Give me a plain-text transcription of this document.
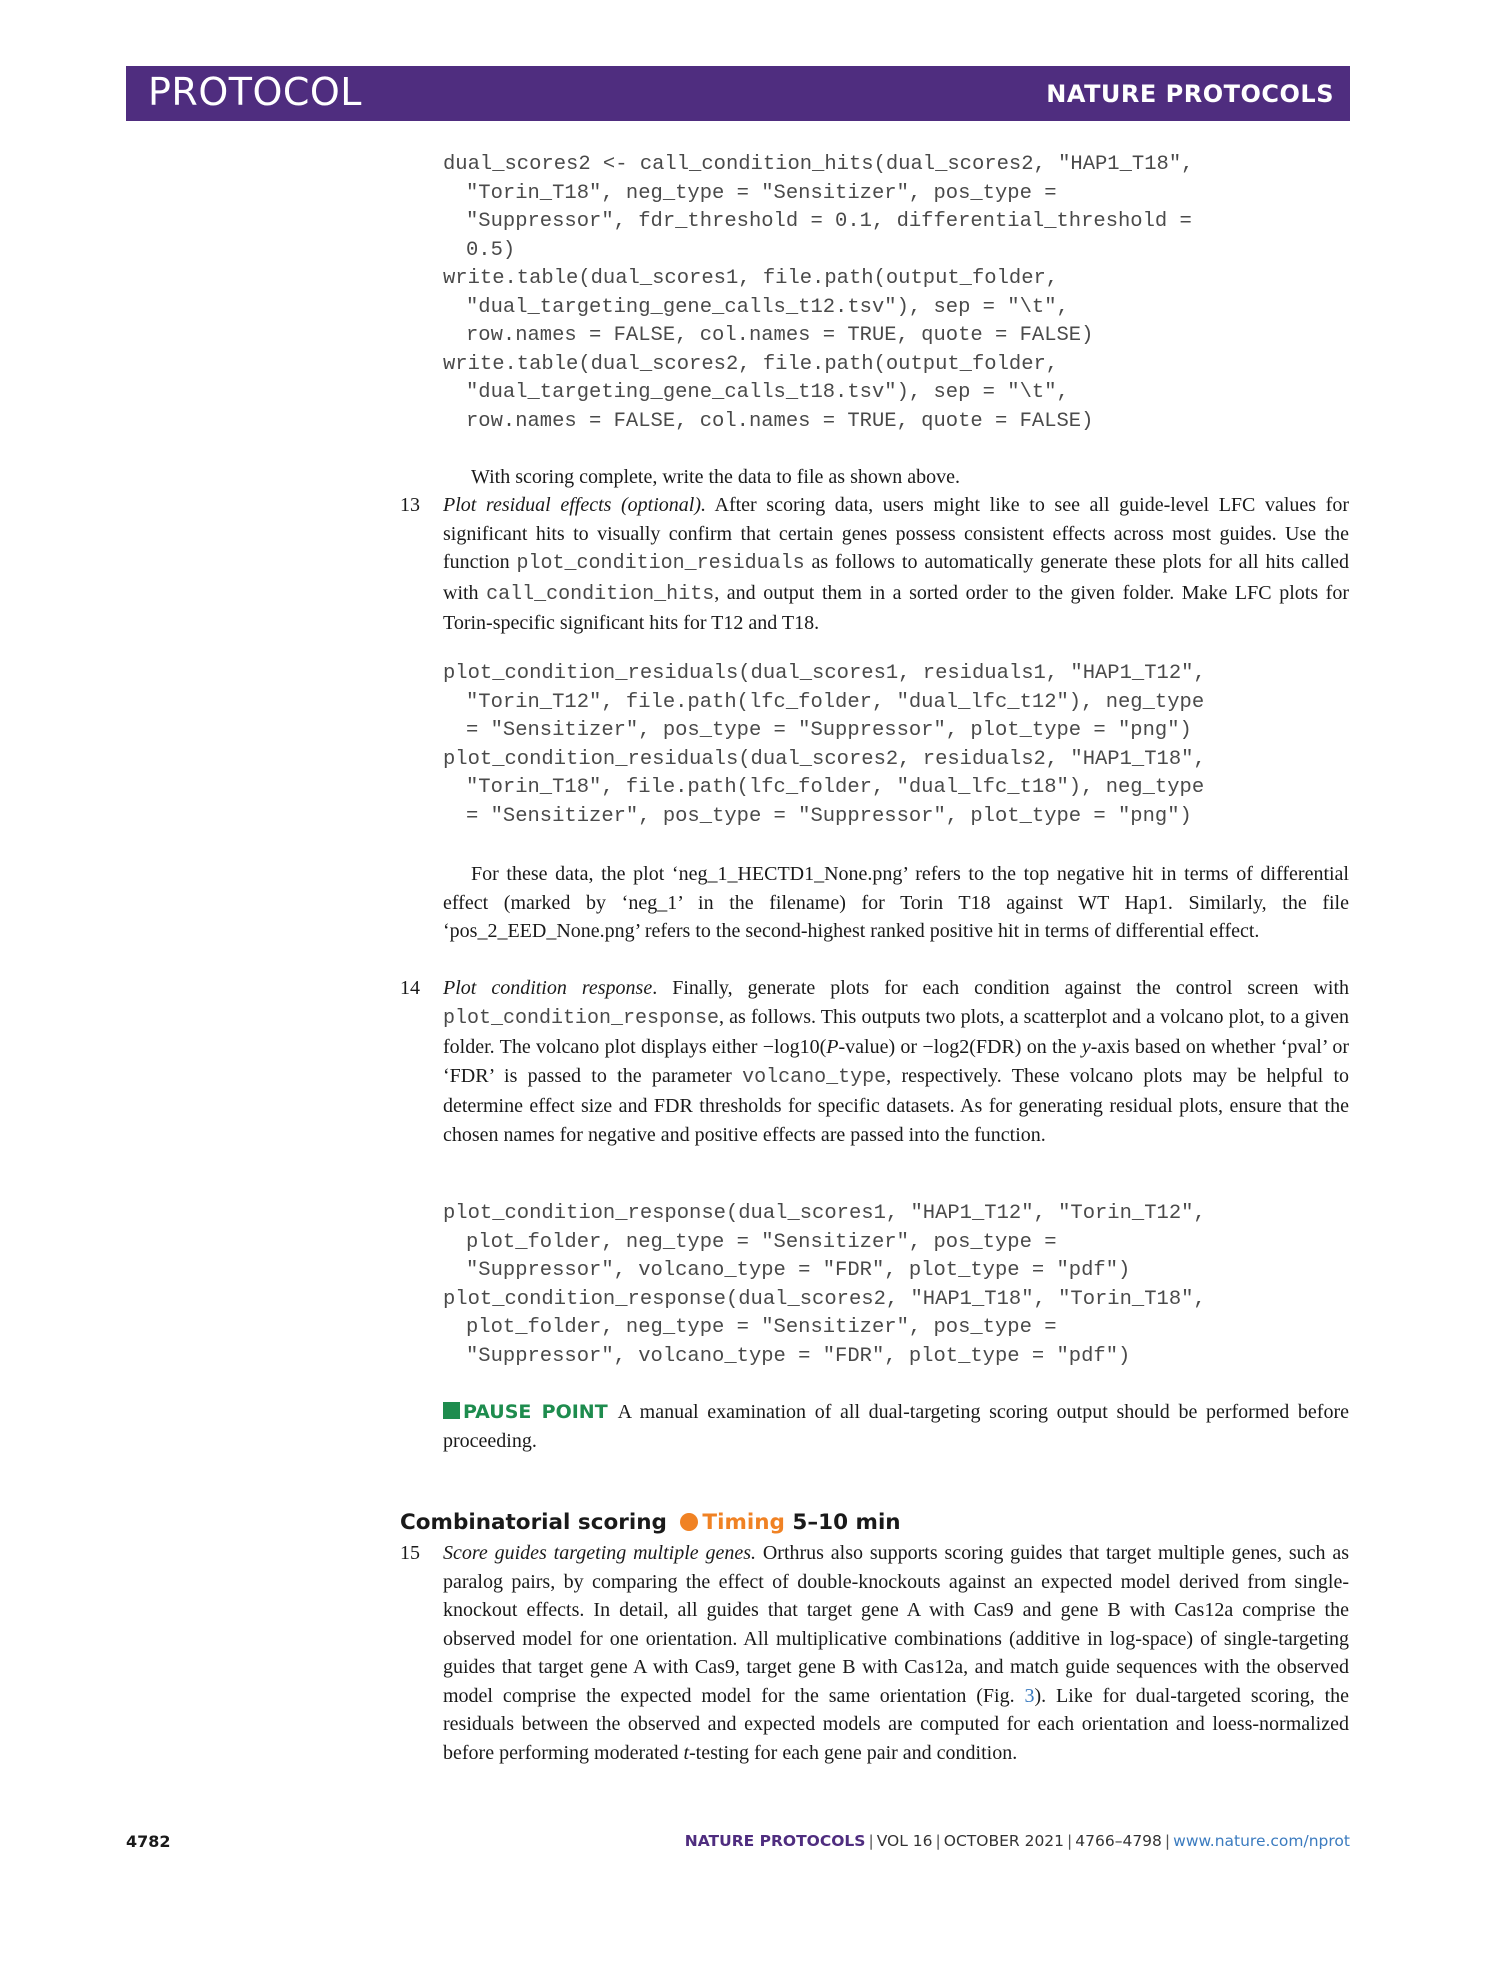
PROTOCOL	NATURE PROTOCOLS
dual_scores2 <- call_condition_hits(dual_scores2, "HAP1_T18",
"Torin_T18", neg_type = "Sensitizer", pos_type =
"Suppressor", fdr_threshold = 0.1, differential_threshold =
0.5)
write.table(dual_scores1, file.path(output_folder,
"dual_targeting_gene_calls_t12.tsv"), sep = "\t",
row.names = FALSE, col.names = TRUE, quote = FALSE)
write.table(dual_scores2, file.path(output_folder,
"dual_targeting_gene_calls_t18.tsv"), sep = "\t",
row.names = FALSE, col.names = TRUE, quote = FALSE)
With scoring complete, write the data to file as shown above.
13 Plot residual effects (optional). After scoring data, users might like to see all guide-level LFC values for significant hits to visually confirm that certain genes possess consistent effects across most guides. Use the function plot_condition_residuals as follows to automatically generate these plots for all hits called with call_condition_hits, and output them in a sorted order to the given folder. Make LFC plots for Torin-specific significant hits for T12 and T18.
plot_condition_residuals(dual_scores1, residuals1, "HAP1_T12",
"Torin_T12", file.path(lfc_folder, "dual_lfc_t12"), neg_type
= "Sensitizer", pos_type = "Suppressor", plot_type = "png")
plot_condition_residuals(dual_scores2, residuals2, "HAP1_T18",
"Torin_T18", file.path(lfc_folder, "dual_lfc_t18"), neg_type
= "Sensitizer", pos_type = "Suppressor", plot_type = "png")
For these data, the plot ‘neg_1_HECTD1_None.png’ refers to the top negative hit in terms of differential effect (marked by ‘neg_1’ in the filename) for Torin T18 against WT Hap1. Similarly, the file ‘pos_2_EED_None.png’ refers to the second-highest ranked positive hit in terms of differential effect.
14 Plot condition response. Finally, generate plots for each condition against the control screen with plot_condition_response, as follows. This outputs two plots, a scatterplot and a volcano plot, to a given folder. The volcano plot displays either −log10(P-value) or −log2(FDR) on the y-axis based on whether ‘pval’ or ‘FDR’ is passed to the parameter volcano_type, respectively. These volcano plots may be helpful to determine effect size and FDR thresholds for specific datasets. As for generating residual plots, ensure that the chosen names for negative and positive effects are passed into the function.
plot_condition_response(dual_scores1, "HAP1_T12", "Torin_T12",
plot_folder, neg_type = "Sensitizer", pos_type =
"Suppressor", volcano_type = "FDR", plot_type = "pdf")
plot_condition_response(dual_scores2, "HAP1_T18", "Torin_T18",
plot_folder, neg_type = "Sensitizer", pos_type =
"Suppressor", volcano_type = "FDR", plot_type = "pdf")
PAUSE POINT A manual examination of all dual-targeting scoring output should be performed before proceeding.
Combinatorial scoring Timing 5–10 min
15 Score guides targeting multiple genes. Orthrus also supports scoring guides that target multiple genes, such as paralog pairs, by comparing the effect of double-knockouts against an expected model derived from single-knockout effects. In detail, all guides that target gene A with Cas9 and gene B with Cas12a comprise the observed model for one orientation. All multiplicative combinations (additive in log-space) of single-targeting guides that target gene A with Cas9, target gene B with Cas12a, and match guide sequences with the observed model comprise the expected model for the same orientation (Fig. 3). Like for dual-targeted scoring, the residuals between the observed and expected models are computed for each orientation and loess-normalized before performing moderated t-testing for each gene pair and condition.
4782	NATURE PROTOCOLS | VOL 16 | OCTOBER 2021 | 4766–4798 | www.nature.com/nprot
